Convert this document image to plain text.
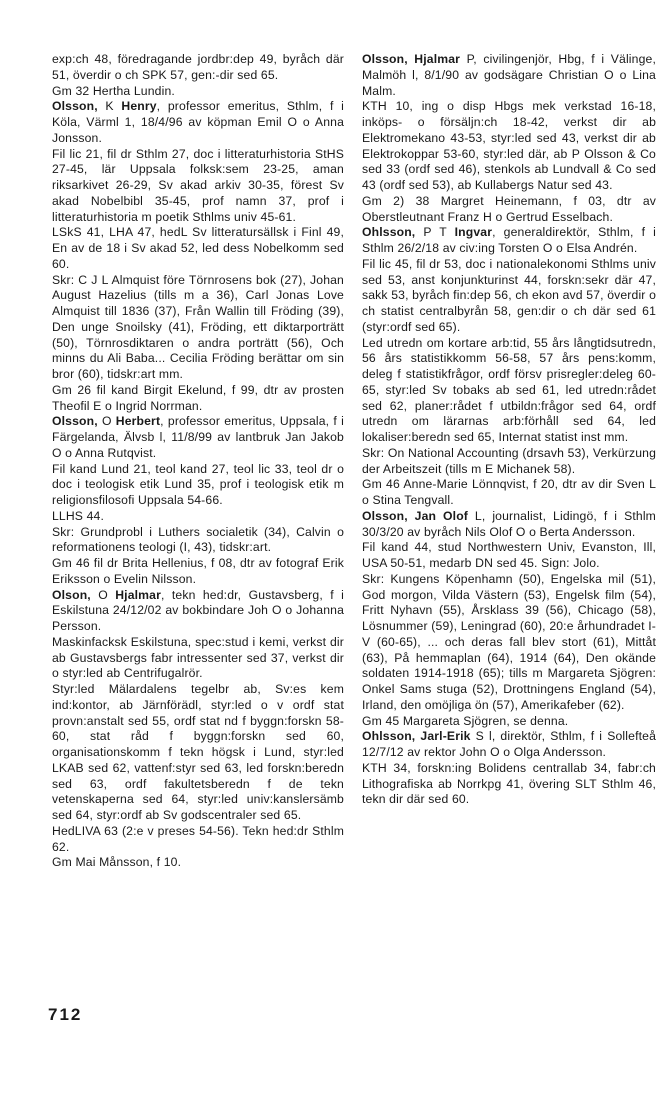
exp:ch 48, föredragande jordbr:dep 49, byråch där 51, överdir o ch SPK 57, gen:-dir sed 65.

Gm 32 Hertha Lundin.

Olsson, K Henry, professor emeritus, Sthlm, f i Köla, Värml 1, 18/4/96 av köpman Emil O o Anna Jonsson.

Fil lic 21, fil dr Sthlm 27, doc i litteraturhistoria StHS 27-45, lär Uppsala folksk:sem 23-25, aman riksarkivet 26-29, Sv akad arkiv 30-35, förest Sv akad Nobelbibl 35-45, prof namn 37, prof i litteraturhistoria m poetik Sthlms univ 45-61.

LSkS 41, LHA 47, hedL Sv litteratursällsk i Finl 49, En av de 18 i Sv akad 52, led dess Nobelkomm sed 60.

Skr: C J L Almquist före Törnrosens bok (27), Johan August Hazelius (tills m a 36), Carl Jonas Love Almquist till 1836 (37), Från Wallin till Fröding (39), Den unge Snoilsky (41), Fröding, ett diktarporträtt (50), Törnrosdiktaren o andra porträtt (56), Och minns du Ali Baba... Cecilia Fröding berättar om sin bror (60), tidskr:art mm.

Gm 26 fil kand Birgit Ekelund, f 99, dtr av prosten Theofil E o Ingrid Norrman.

Olsson, O Herbert, professor emeritus, Uppsala, f i Färgelanda, Älvsb l, 11/8/99 av lantbruk Jan Jakob O o Anna Rutqvist.

Fil kand Lund 21, teol kand 27, teol lic 33, teol dr o doc i teologisk etik Lund 35, prof i teologisk etik m religionsfilosofi Uppsala 54-66.

LLHS 44.

Skr: Grundprobl i Luthers socialetik (34), Calvin o reformationens teologi (I, 43), tidskr:art.

Gm 46 fil dr Brita Hellenius, f 08, dtr av fotograf Erik Eriksson o Evelin Nilsson.

Olson, O Hjalmar, tekn hed:dr, Gustavsberg, f i Eskilstuna 24/12/02 av bokbindare Joh O o Johanna Persson.

Maskinfacksk Eskilstuna, spec:stud i kemi, verkst dir ab Gustavsbergs fabr intressenter sed 37, verkst dir o styr:led ab Centrifugalrör.

Styr:led Mälardalens tegelbr ab, Sv:es kem ind:kontor, ab Järnförädl, styr:led o v ordf stat provn:anstalt sed 55, ordf stat nd f byggn:forskn 58-60, stat råd f byggn:forskn sed 60, organisationskomm f tekn högsk i Lund, styr:led LKAB sed 62, vattenf:styr sed 63, led forskn:beredn sed 63, ordf fakultetsberedn f de tekn vetenskaperna sed 64, styr:led univ:kanslersämb sed 64, styr:ordf ab Sv godscentraler sed 65.

HedLIVA 63 (2:e v preses 54-56). Tekn hed:dr Sthlm 62.

Gm Mai Månsson, f 10.

Olsson, Hjalmar P, civilingenjör, Hbg, f i Välinge, Malmöh l, 8/1/90 av godsägare Christian O o Lina Malm.

KTH 10, ing o disp Hbgs mek verkstad 16-18, inköps- o försäljn:ch 18-42, verkst dir ab Elektromekano 43-53, styr:led sed 43, verkst dir ab Elektrokoppar 53-60, styr:led där, ab P Olsson & Co sed 33 (ordf sed 46), stenkols ab Lundvall & Co sed 43 (ordf sed 53), ab Kullabergs Natur sed 43.

Gm 2) 38 Margret Heinemann, f 03, dtr av Oberstleutnant Franz H o Gertrud Esselbach.

Ohlsson, P T Ingvar, generaldirektör, Sthlm, f i Sthlm 26/2/18 av civ:ing Torsten O o Elsa Andrén.

Fil lic 45, fil dr 53, doc i nationalekonomi Sthlms univ sed 53, anst konjunkturinst 44, forskn:sekr där 47, sakk 53, byråch fin:dep 56, ch ekon avd 57, överdir o ch statist centralbyrån 58, gen:dir o ch där sed 61 (styr:ordf sed 65).

Led utredn om kortare arb:tid, 55 års långtidsutredn, 56 års statistikkomm 56-58, 57 års pens:komm, deleg f statistikfrågor, ordf försv prisregler:deleg 60-65, styr:led Sv tobaks ab sed 61, led utredn:rådet sed 62, planer:rådet f utbildn:frågor sed 64, ordf utredn om lärarnas arb:förhåll sed 64, led lokaliser:beredn sed 65, Internat statist inst mm.

Skr: On National Accounting (drsavh 53), Verkürzung der Arbeitszeit (tills m E Michanek 58).

Gm 46 Anne-Marie Lönnqvist, f 20, dtr av dir Sven L o Stina Tengvall.

Olsson, Jan Olof L, journalist, Lidingö, f i Sthlm 30/3/20 av byråch Nils Olof O o Berta Andersson.

Fil kand 44, stud Northwestern Univ, Evanston, Ill, USA 50-51, medarb DN sed 45. Sign: Jolo.

Skr: Kungens Köpenhamn (50), Engelska mil (51), God morgon, Vilda Västern (53), Engelsk film (54), Fritt Nyhavn (55), Årsklass 39 (56), Chicago (58), Lösnummer (59), Leningrad (60), 20:e århundradet I-V (60-65), ... och deras fall blev stort (61), Mittåt (63), På hemmaplan (64), 1914 (64), Den okände soldaten 1914-1918 (65); tills m Margareta Sjögren: Onkel Sams stuga (52), Drottningens England (54), Irland, den omöjliga ön (57), Amerikafeber (62).

Gm 45 Margareta Sjögren, se denna.

Ohlsson, Jarl-Erik S l, direktör, Sthlm, f i Sollefteå 12/7/12 av rektor John O o Olga Andersson.

KTH 34, forskn:ing Bolidens centrallab 34, fabr:ch Lithografiska ab Norrkpg 41, övering SLT Sthlm 46, tekn dir där sed 60.

712
